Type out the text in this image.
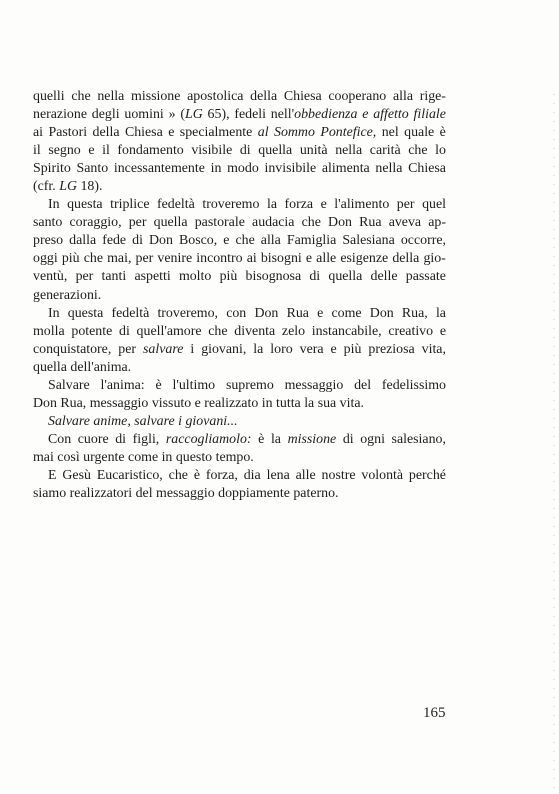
quelli che nella missione apostolica della Chiesa cooperano alla rige-
nerazione degli uomini » (LG 65), fedeli nell'obbedienza e affetto filiale
ai Pastori della Chiesa e specialmente al Sommo Pontefice, nel quale è
il segno e il fondamento visibile di quella unità nella carità che lo
Spirito Santo incessantemente in modo invisibile alimenta nella Chiesa
(cfr. LG 18).
In questa triplice fedeltà troveremo la forza e l'alimento per quel
santo coraggio, per quella pastorale audacia che Don Rua aveva ap-
preso dalla fede di Don Bosco, e che alla Famiglia Salesiana occorre,
oggi più che mai, per venire incontro ai bisogni e alle esigenze della gio-
ventù, per tanti aspetti molto più bisognosa di quella delle passate
generazioni.
In questa fedeltà troveremo, con Don Rua e come Don Rua, la
molla potente di quell'amore che diventa zelo instancabile, creativo e
conquistatore, per salvare i giovani, la loro vera e più preziosa vita,
quella dell'anima.
Salvare l'anima: è l'ultimo supremo messaggio del fedelissimo
Don Rua, messaggio vissuto e realizzato in tutta la sua vita.
Salvare anime, salvare i giovani...
Con cuore di figli, raccogliamolo: è la missione di ogni salesiano,
mai così urgente come in questo tempo.
E Gesù Eucaristico, che è forza, dia lena alle nostre volontà perché
siamo realizzatori del messaggio doppiamente paterno.
165
